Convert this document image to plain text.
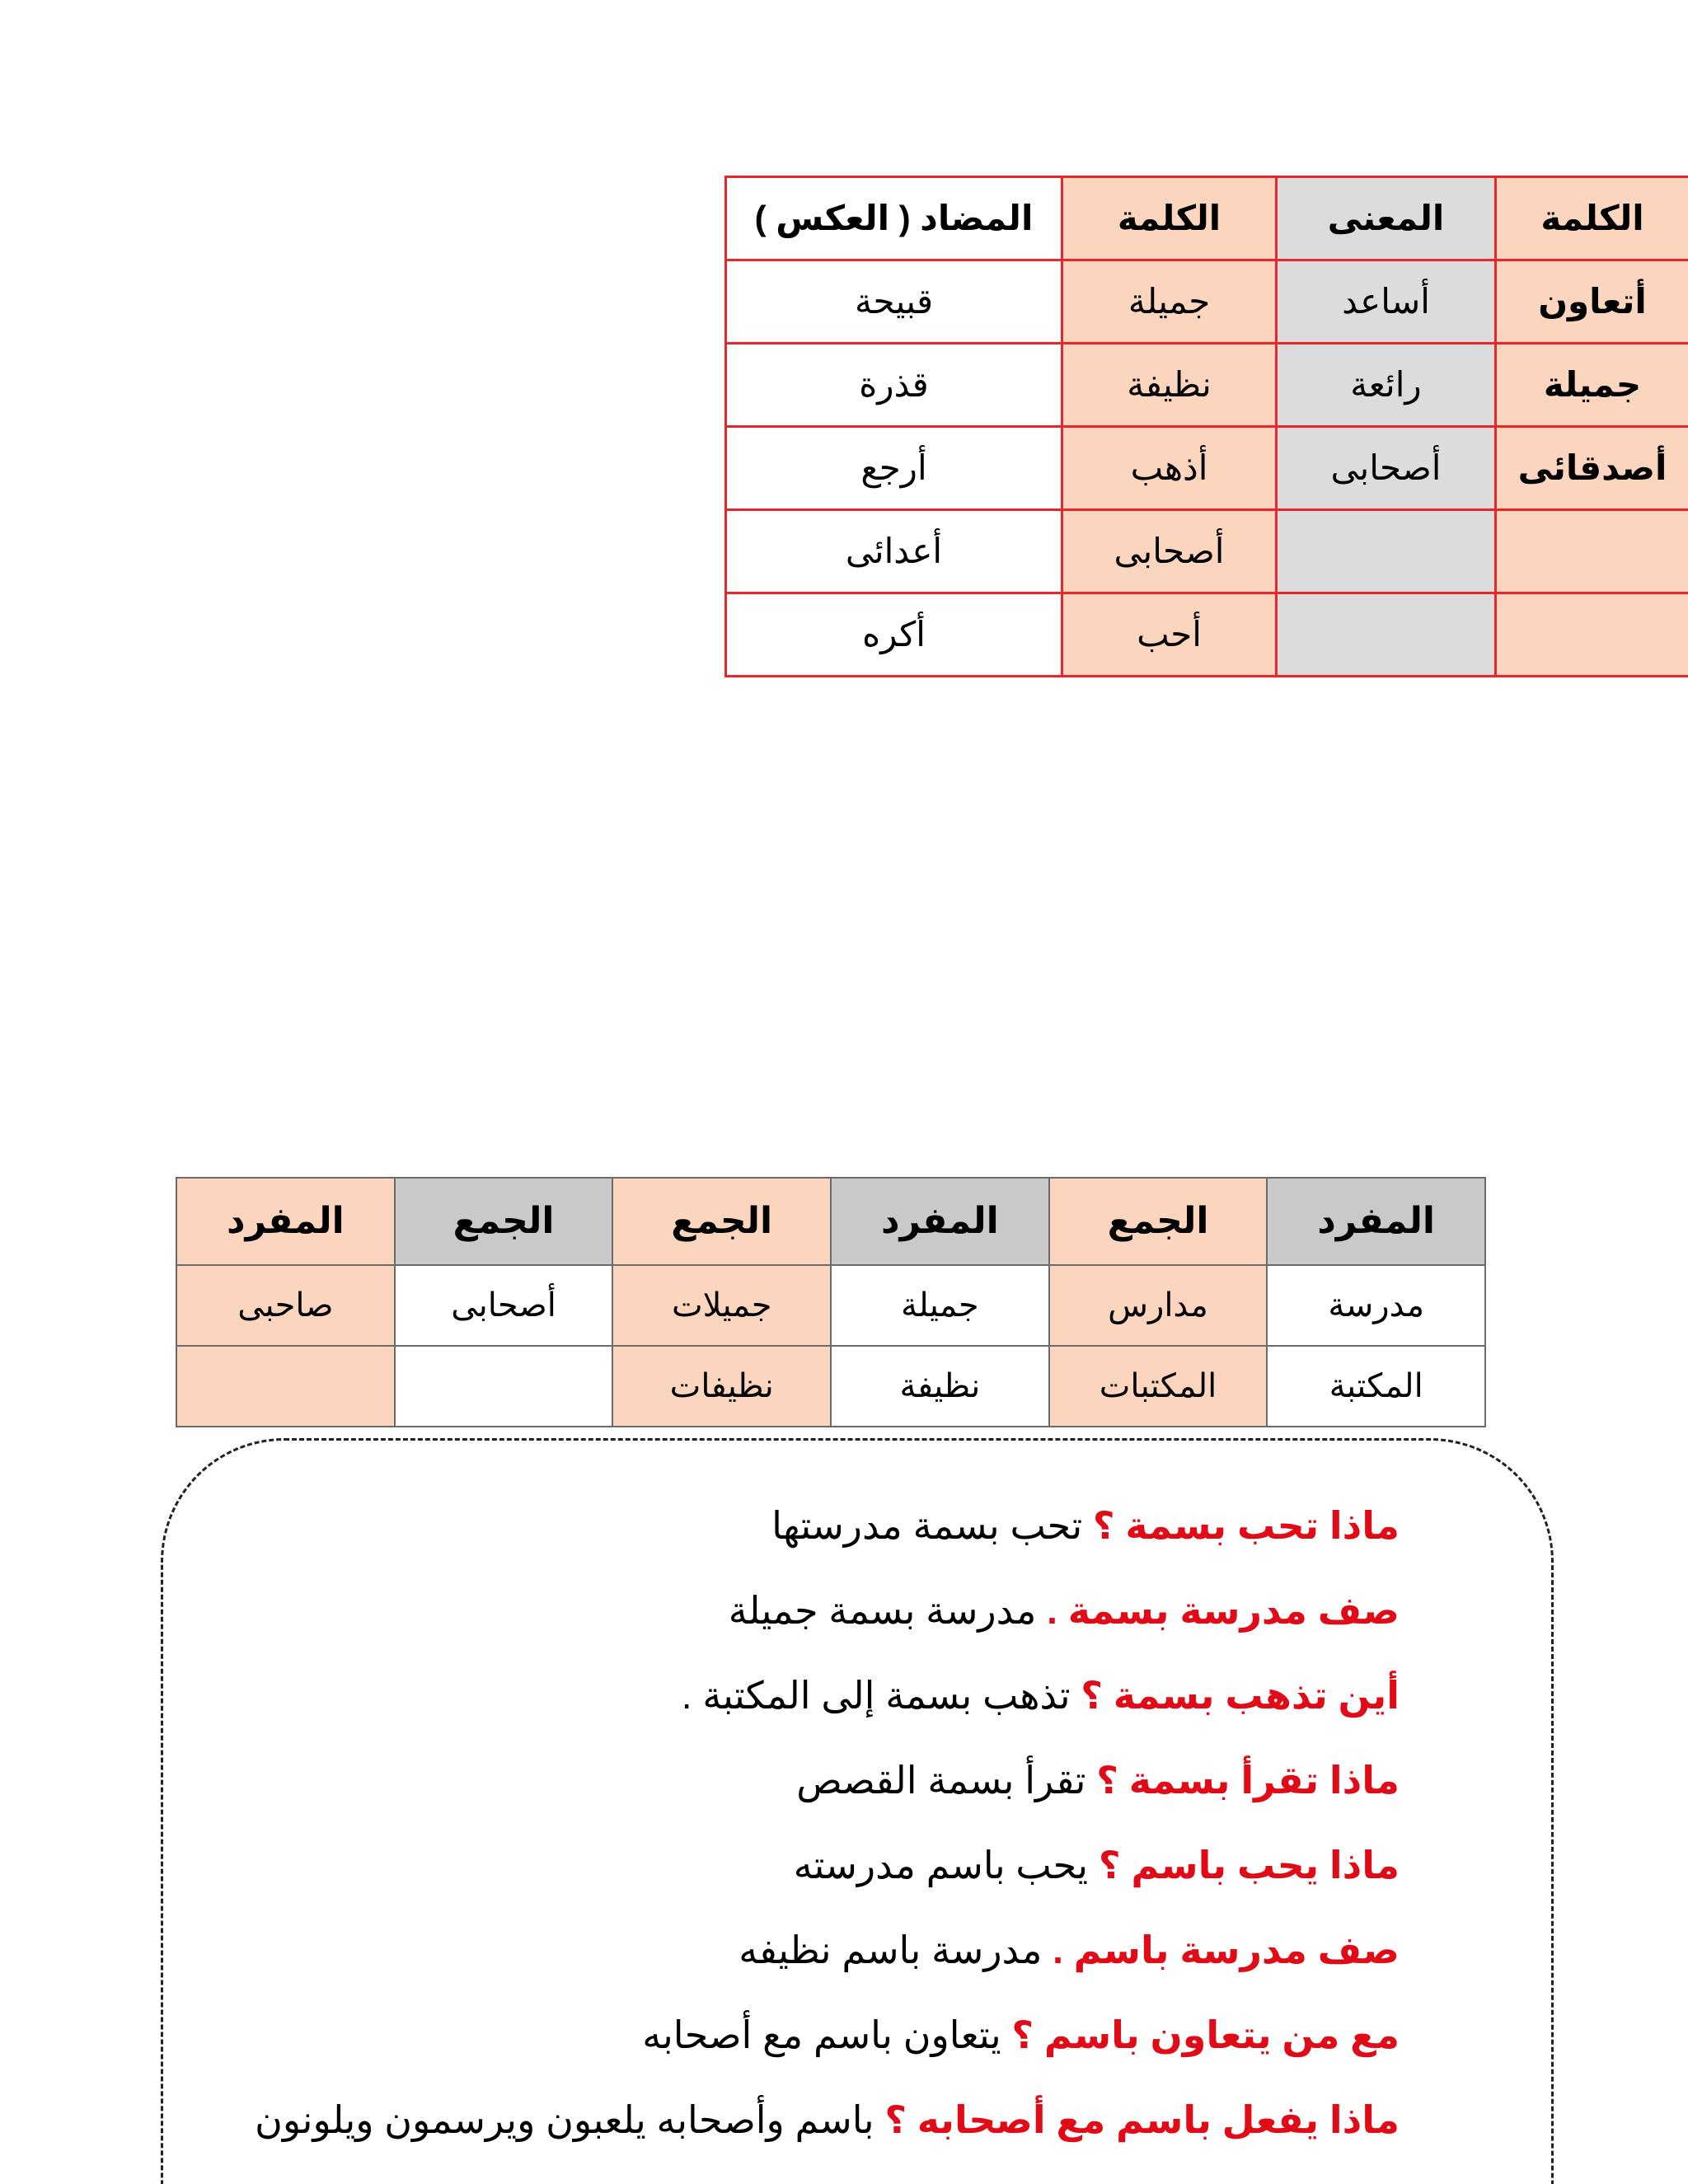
الكلمة	المعنى	الكلمة	المضاد ( العكس )
أتعاون	أساعد	جميلة	قبيحة
جميلة	رائعة	نظيفة	قذرة
أصدقائى	أصحابى	أذهب	أرجع
		أصحابى	أعدائى
		أحب	أكره
المفرد	الجمع	المفرد	الجمع	الجمع	المفرد
مدرسة	مدارس	جميلة	جميلات	أصحابى	صاحبى
المكتبة	المكتبات	نظيفة	نظيفات		
ماذا تحب بسمة ؟ تحب بسمة مدرستها
صف مدرسة بسمة . مدرسة بسمة جميلة
أين تذهب بسمة ؟ تذهب بسمة إلى المكتبة .
ماذا تقرأ بسمة ؟ تقرأ بسمة القصص
ماذا يحب باسم ؟ يحب باسم مدرسته
صف مدرسة باسم . مدرسة باسم نظيفه
مع من يتعاون باسم ؟ يتعاون باسم مع أصحابه
ماذا يفعل باسم مع أصحابه ؟ باسم وأصحابه يلعبون ويرسمون ويلونون
